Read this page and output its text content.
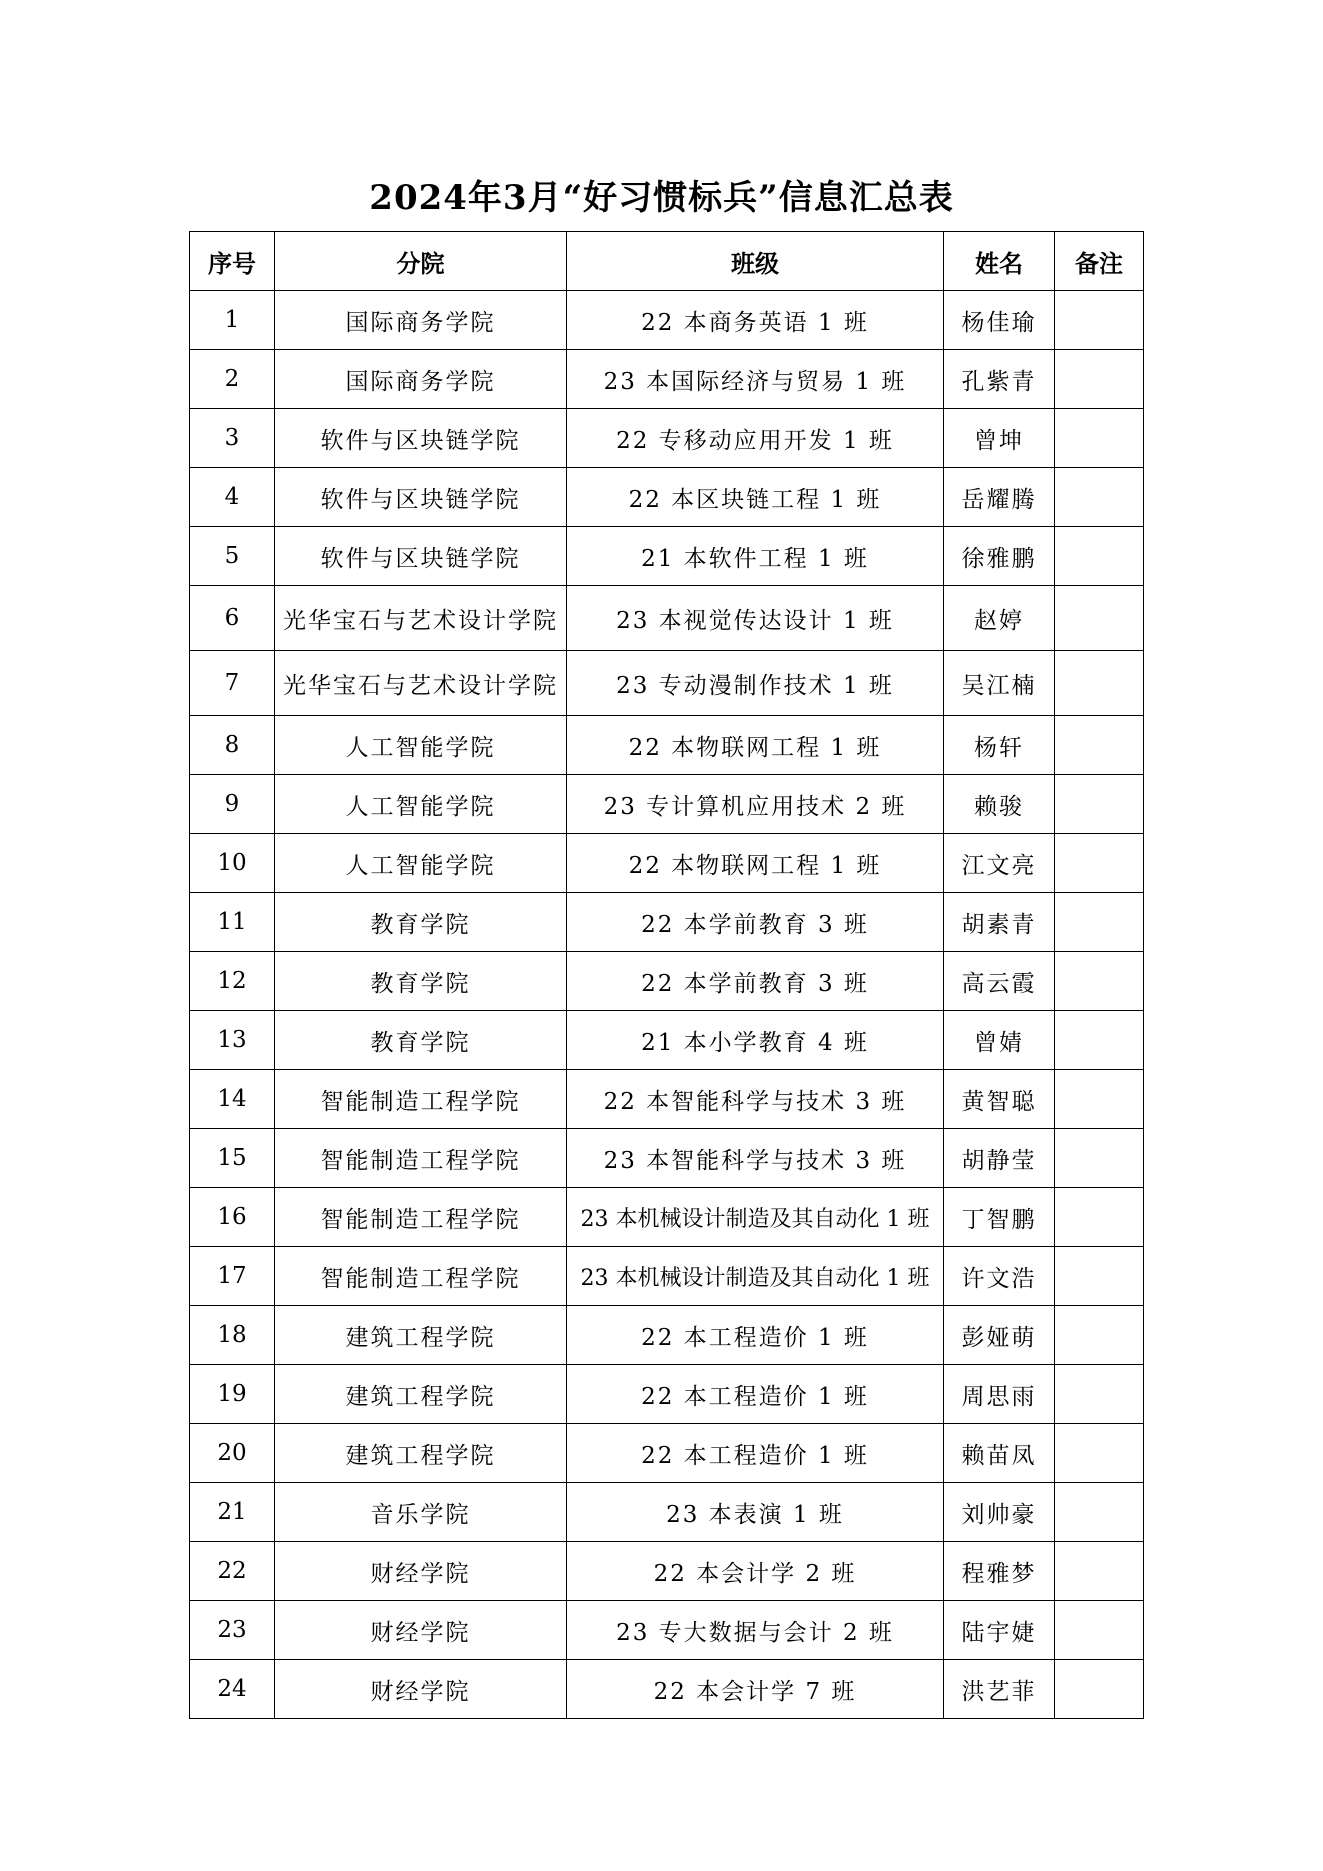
2024年3月“好习惯标兵”信息汇总表
序号	分院	班级	姓名	备注
1	国际商务学院	22 本商务英语 1 班	杨佳瑜	
2	国际商务学院	23 本国际经济与贸易 1 班	孔紫青	
3	软件与区块链学院	22 专移动应用开发 1 班	曾坤	
4	软件与区块链学院	22 本区块链工程 1 班	岳耀腾	
5	软件与区块链学院	21 本软件工程 1 班	徐雅鹏	
6	光华宝石与艺术设计学院	23 本视觉传达设计 1 班	赵婷	
7	光华宝石与艺术设计学院	23 专动漫制作技术 1 班	吴江楠	
8	人工智能学院	22 本物联网工程 1 班	杨轩	
9	人工智能学院	23 专计算机应用技术 2 班	赖骏	
10	人工智能学院	22 本物联网工程 1 班	江文亮	
11	教育学院	22 本学前教育 3 班	胡素青	
12	教育学院	22 本学前教育 3 班	高云霞	
13	教育学院	21 本小学教育 4 班	曾婧	
14	智能制造工程学院	22 本智能科学与技术 3 班	黄智聪	
15	智能制造工程学院	23 本智能科学与技术 3 班	胡静莹	
16	智能制造工程学院	23 本机械设计制造及其自动化 1 班	丁智鹏	
17	智能制造工程学院	23 本机械设计制造及其自动化 1 班	许文浩	
18	建筑工程学院	22 本工程造价 1 班	彭娅萌	
19	建筑工程学院	22 本工程造价 1 班	周思雨	
20	建筑工程学院	22 本工程造价 1 班	赖苗凤	
21	音乐学院	23 本表演 1 班	刘帅豪	
22	财经学院	22 本会计学 2 班	程雅梦	
23	财经学院	23 专大数据与会计 2 班	陆宇婕	
24	财经学院	22 本会计学 7 班	洪艺菲	
